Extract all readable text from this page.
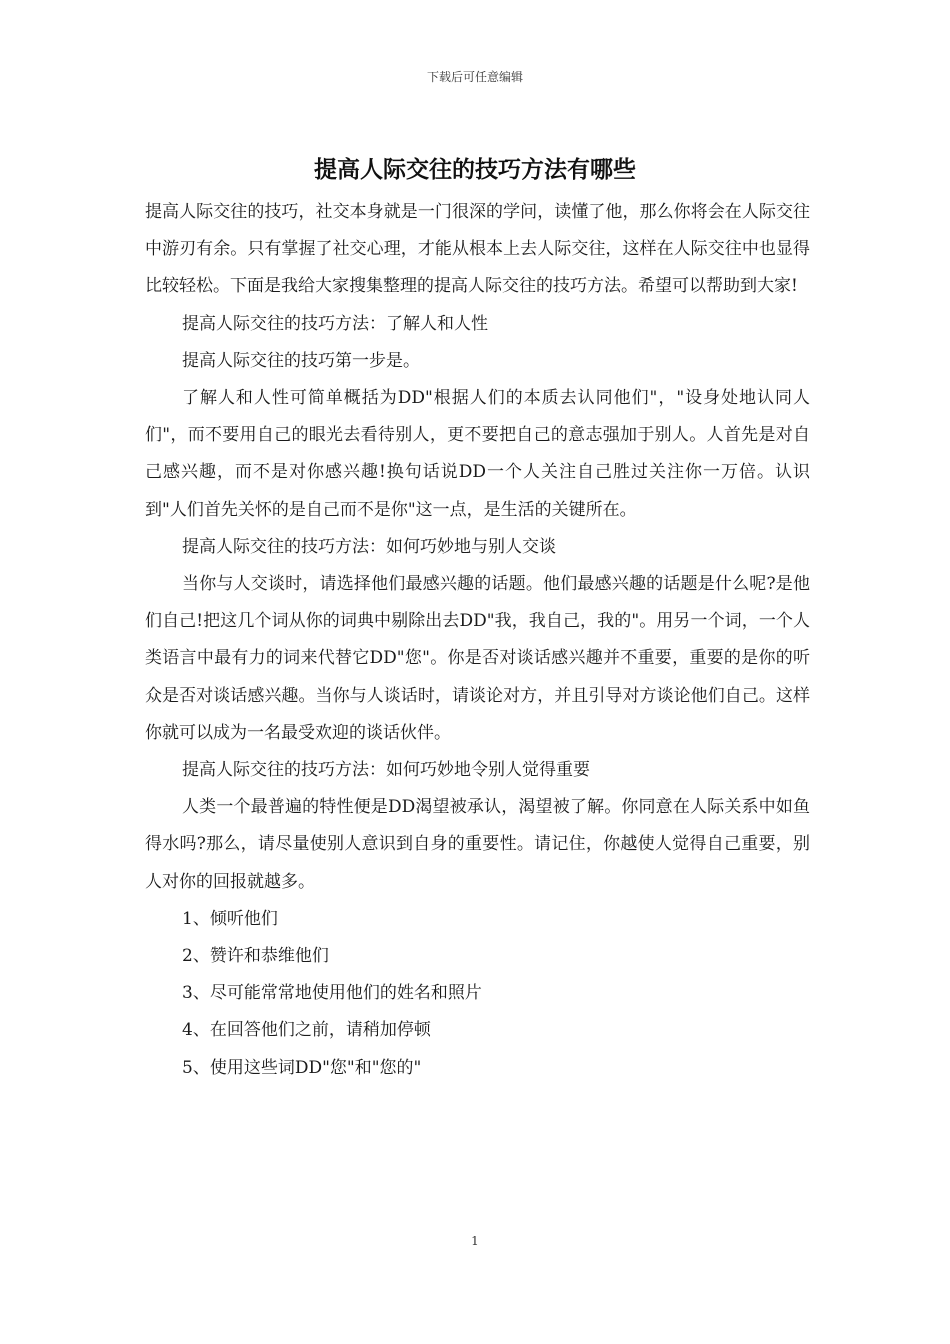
下载后可任意编辑
提高人际交往的技巧方法有哪些

提高人际交往的技巧，社交本身就是一门很深的学问，读懂了他，那么你将会在人际交往中游刃有余。只有掌握了社交心理，才能从根本上去人际交往，这样在人际交往中也显得比较轻松。下面是我给大家搜集整理的提高人际交往的技巧方法。希望可以帮助到大家!

提高人际交往的技巧方法：了解人和人性

提高人际交往的技巧第一步是。

了解人和人性可简单概括为DD"根据人们的本质去认同他们"，"设身处地认同人们"，而不要用自己的眼光去看待别人，更不要把自己的意志强加于别人。人首先是对自己感兴趣，而不是对你感兴趣!换句话说DD一个人关注自己胜过关注你一万倍。认识到"人们首先关怀的是自己而不是你"这一点，是生活的关键所在。

提高人际交往的技巧方法：如何巧妙地与别人交谈

当你与人交谈时，请选择他们最感兴趣的话题。他们最感兴趣的话题是什么呢?是他们自己!把这几个词从你的词典中剔除出去DD"我，我自己，我的"。用另一个词，一个人类语言中最有力的词来代替它DD"您"。你是否对谈话感兴趣并不重要，重要的是你的听众是否对谈话感兴趣。当你与人谈话时，请谈论对方，并且引导对方谈论他们自己。这样你就可以成为一名最受欢迎的谈话伙伴。

提高人际交往的技巧方法：如何巧妙地令别人觉得重要

人类一个最普遍的特性便是DD渴望被承认，渴望被了解。你同意在人际关系中如鱼得水吗?那么，请尽量使别人意识到自身的重要性。请记住，你越使人觉得自己重要，别人对你的回报就越多。

1、倾听他们

2、赞许和恭维他们

3、尽可能常常地使用他们的姓名和照片

4、在回答他们之前，请稍加停顿

5、使用这些词DD"您"和"您的"

1
